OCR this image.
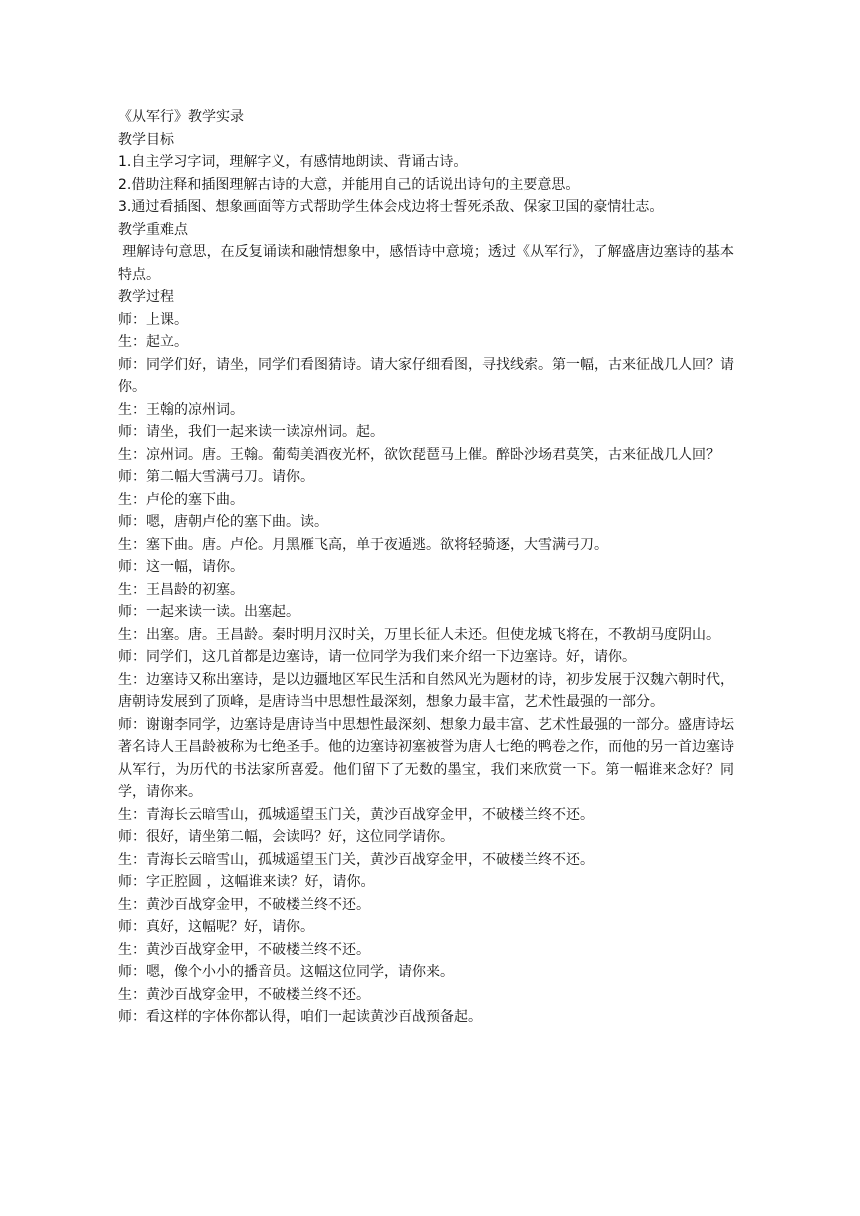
《从军行》教学实录

教学目标

1.自主学习字词，理解字义，有感情地朗读、背诵古诗。

2.借助注释和插图理解古诗的大意，并能用自己的话说出诗句的主要意思。

3.通过看插图、想象画面等方式帮助学生体会戍边将士誓死杀敌、保家卫国的豪情壮志。

教学重难点

理解诗句意思，在反复诵读和融情想象中，感悟诗中意境；透过《从军行》，了解盛唐边塞诗的基本特点。

教学过程

师：上课。

生：起立。

师：同学们好，请坐，同学们看图猜诗。请大家仔细看图，寻找线索。第一幅，古来征战几人回？请你。

生：王翰的凉州词。

师：请坐，我们一起来读一读凉州词。起。

生：凉州词。唐。王翰。葡萄美酒夜光杯，欲饮琵琶马上催。醉卧沙场君莫笑，古来征战几人回？

师：第二幅大雪满弓刀。请你。

生：卢伦的塞下曲。

师：嗯，唐朝卢伦的塞下曲。读。

生：塞下曲。唐。卢伦。月黑雁飞高，单于夜遁逃。欲将轻骑逐，大雪满弓刀。

师：这一幅，请你。

生：王昌龄的初塞。

师：一起来读一读。出塞起。

生：出塞。唐。王昌龄。秦时明月汉时关，万里长征人未还。但使龙城飞将在，不教胡马度阴山。

师：同学们，这几首都是边塞诗，请一位同学为我们来介绍一下边塞诗。好，请你。

生：边塞诗又称出塞诗，是以边疆地区军民生活和自然风光为题材的诗，初步发展于汉魏六朝时代，唐朝诗发展到了顶峰，是唐诗当中思想性最深刻，想象力最丰富，艺术性最强的一部分。

师：谢谢李同学，边塞诗是唐诗当中思想性最深刻、想象力最丰富、艺术性最强的一部分。盛唐诗坛著名诗人王昌龄被称为七绝圣手。他的边塞诗初塞被誉为唐人七绝的鸭卷之作，而他的另一首边塞诗从军行，为历代的书法家所喜爱。他们留下了无数的墨宝，我们来欣赏一下。第一幅谁来念好？同学，请你来。

生：青海长云暗雪山，孤城遥望玉门关，黄沙百战穿金甲，不破楼兰终不还。

师：很好，请坐第二幅，会读吗？好，这位同学请你。

生：青海长云暗雪山，孤城遥望玉门关，黄沙百战穿金甲，不破楼兰终不还。

师：字正腔圆 ，这幅谁来读？好，请你。

生：黄沙百战穿金甲，不破楼兰终不还。

师：真好，这幅呢？好，请你。

生：黄沙百战穿金甲，不破楼兰终不还。

师：嗯，像个小小的播音员。这幅这位同学，请你来。

生：黄沙百战穿金甲，不破楼兰终不还。

师：看这样的字体你都认得，咱们一起读黄沙百战预备起。
